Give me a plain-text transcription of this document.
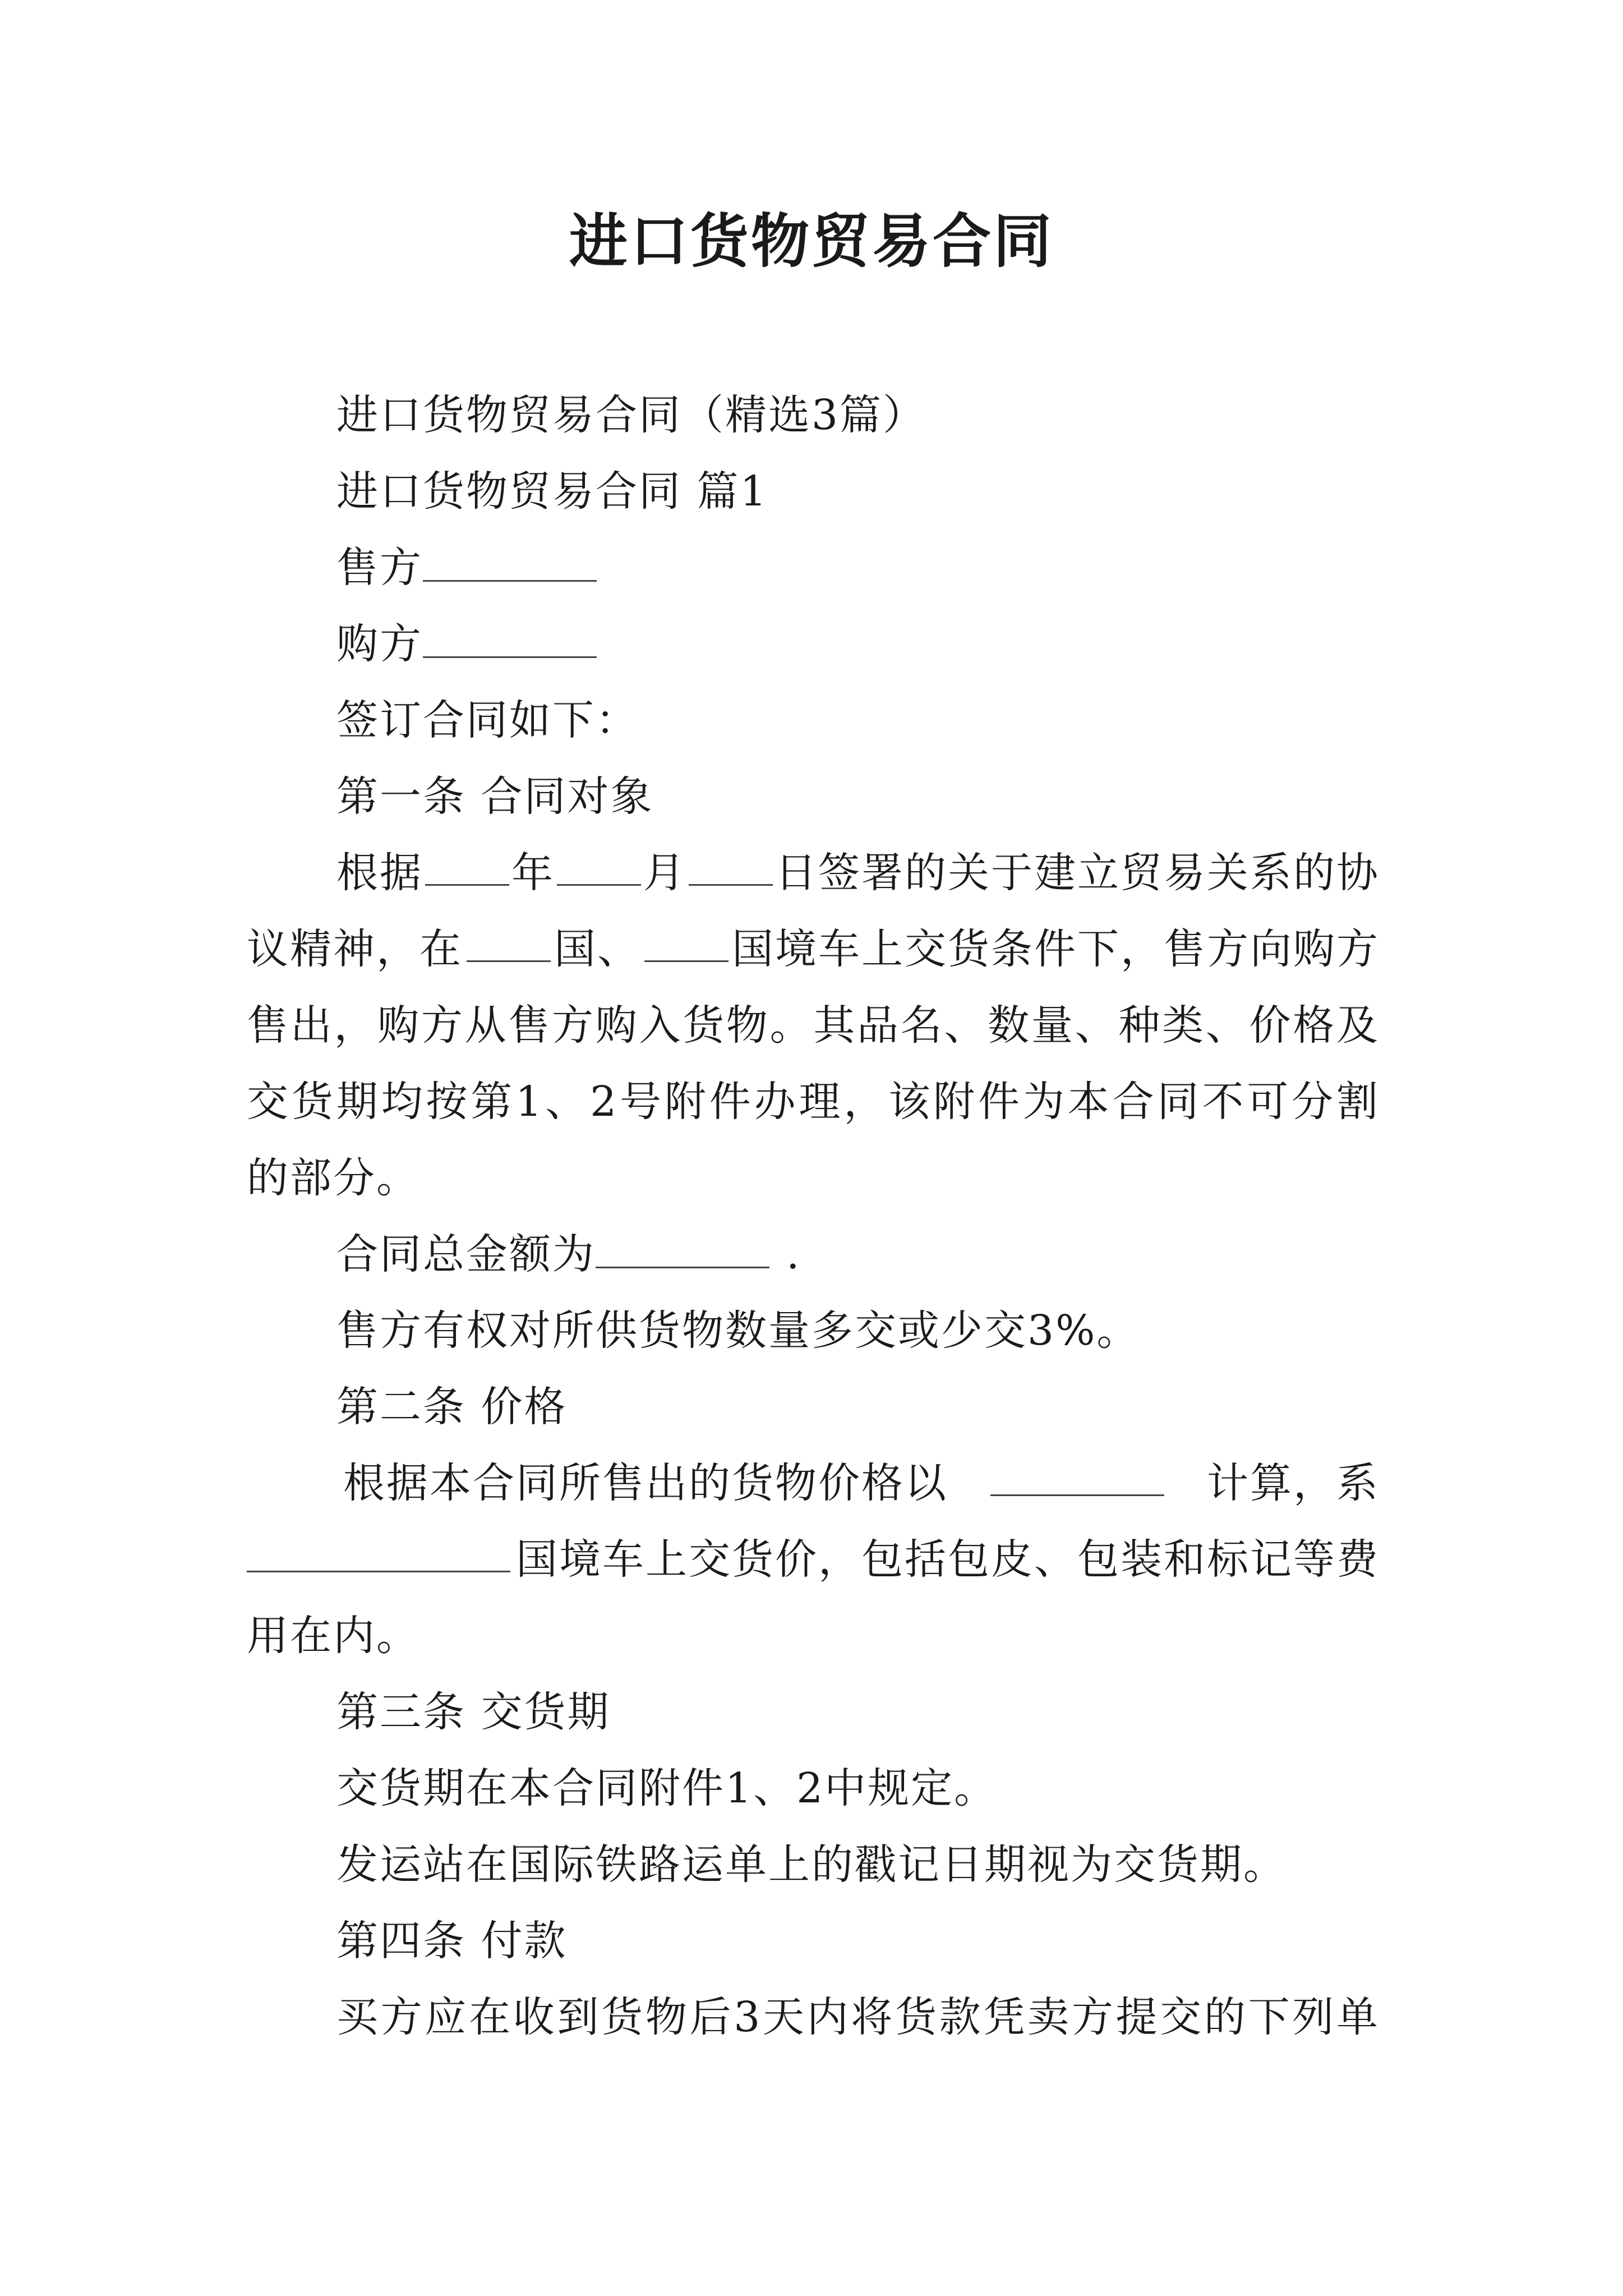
进口货物贸易合同
进口货物贸易合同（精选3篇）
进口货物贸易合同 篇1
售方
购方
签订合同如下：
第一条 合同对象
根据 年 月 日签署的关于建立贸易关系的协
议精神，在 国、 国境车上交货条件下，售方向购方
售出，购方从售方购入货物。其品名、数量、种类、价格及
交货期均按第1、2号附件办理，该附件为本合同不可分割
的部分。
合同总金额为	.
售方有权对所供货物数量多交或少交3%。
第二条 价格
根据本合同所售出的货物价格以	计算，系
国境车上交货价，包括包皮、包装和标记等费
用在内。
第三条 交货期
交货期在本合同附件1、2中规定。
发运站在国际铁路运单上的戳记日期视为交货期。
第四条 付款
买方应在收到货物后3天内将货款凭卖方提交的下列单
